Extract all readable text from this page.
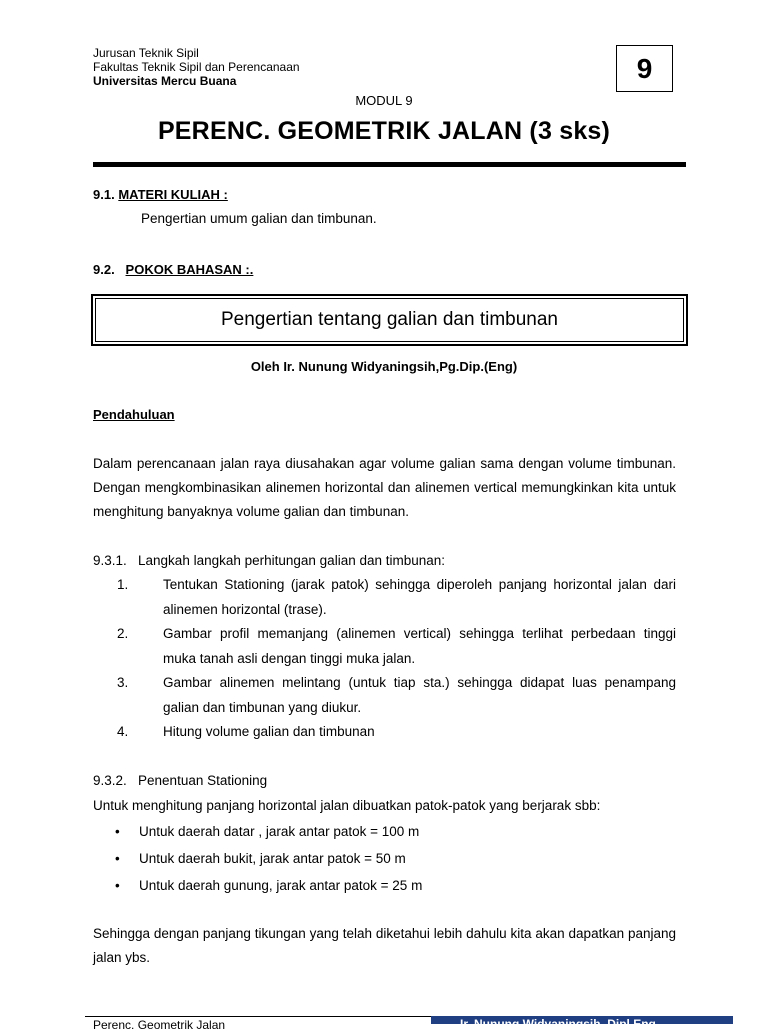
Jurusan Teknik Sipil
Fakultas Teknik Sipil dan Perencanaan
Universitas Mercu Buana	9
MODUL 9
PERENC. GEOMETRIK JALAN (3 sks)
9.1. MATERI KULIAH :
Pengertian umum galian dan timbunan.
9.2. POKOK BAHASAN :.
Pengertian tentang galian dan timbunan
Oleh Ir. Nunung Widyaningsih,Pg.Dip.(Eng)
Pendahuluan

Dalam perencanaan jalan raya diusahakan agar volume galian sama dengan volume timbunan. Dengan mengkombinasikan alinemen horizontal dan alinemen vertical memungkinkan kita untuk menghitung banyaknya volume galian dan timbunan.

9.3.1.   Langkah langkah perhitungan galian dan timbunan:
1.	Tentukan Stationing (jarak patok) sehingga diperoleh panjang horizontal jalan dari alinemen horizontal (trase).
2.	Gambar profil memanjang (alinemen vertical) sehingga terlihat perbedaan tinggi muka tanah asli dengan tinggi muka jalan.
3.	Gambar alinemen melintang (untuk tiap sta.) sehingga didapat luas penampang galian dan timbunan yang diukur.
4.	Hitung volume galian dan timbunan
9.3.2.   Penentuan Stationing
Untuk menghitung panjang horizontal jalan dibuatkan patok-patok yang berjarak sbb:
• Untuk daerah datar , jarak antar patok = 100 m
• Untuk daerah bukit, jarak antar patok = 50 m
• Untuk daerah gunung, jarak antar patok = 25 m

Sehingga dengan panjang tikungan yang telah diketahui lebih dahulu kita akan dapatkan panjang jalan ybs.

Perenc. Geometrik Jalan	Ir. Nunung Widyaningsih, Dipl.Eng
